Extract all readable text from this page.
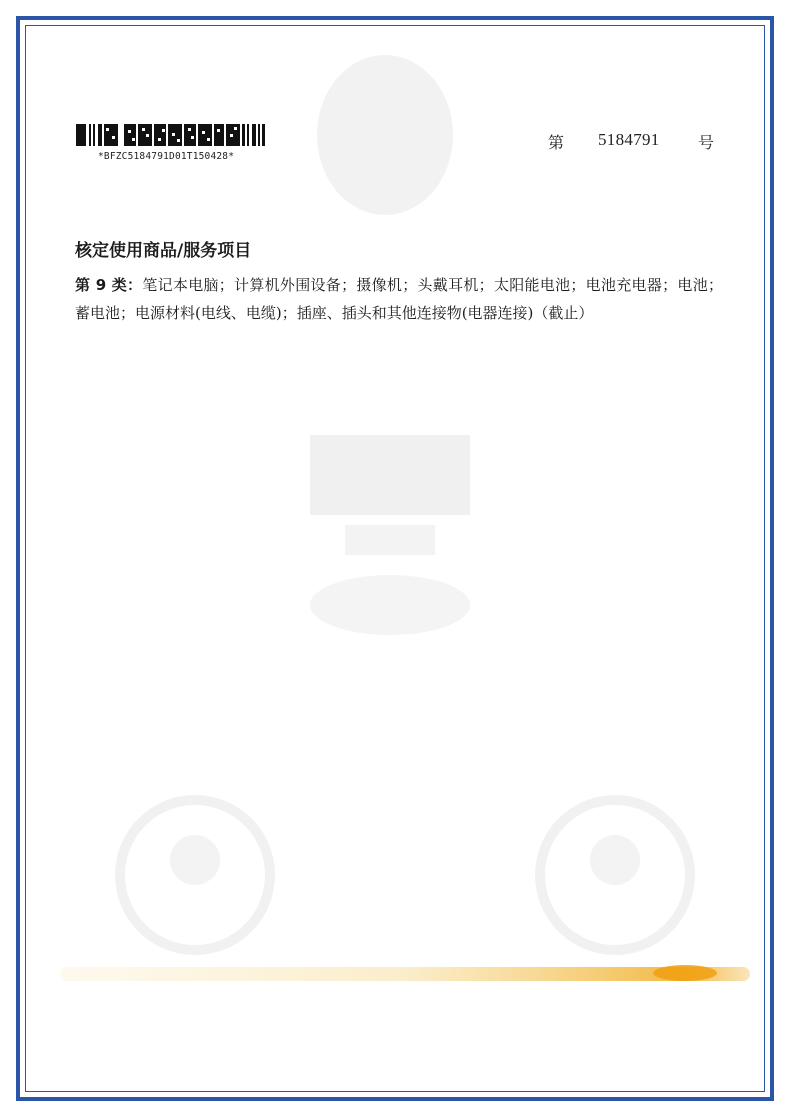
*BFZC5184791D01T150428*
第 5184791 号
核定使用商品/服务项目
第 9 类：笔记本电脑；计算机外围设备；摄像机；头戴耳机；太阳能电池；电池充电器；电池；蓄电池；电源材料(电线、电缆)；插座、插头和其他连接物(电器连接)（截止）
